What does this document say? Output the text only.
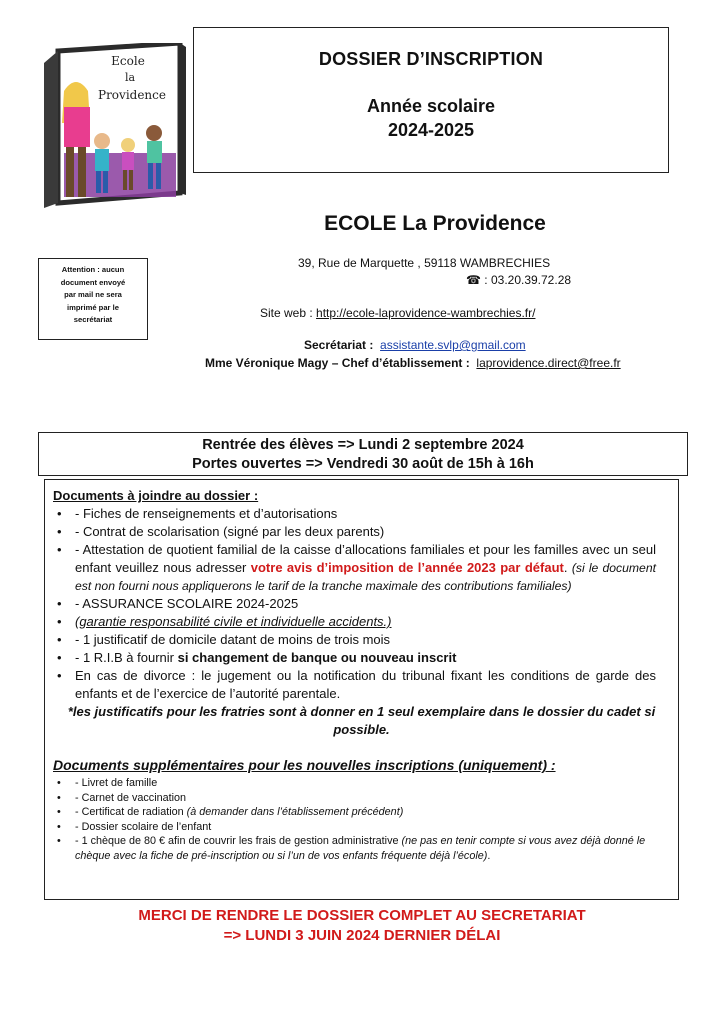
Ecole
la
Providence
DOSSIER D’INSCRIPTION
Année scolaire
2024-2025
Attention : aucun
document envoyé
par mail ne sera
imprimé par le
secrétariat
ECOLE La Providence
39, Rue de Marquette , 59118 WAMBRECHIES
☎ : 03.20.39.72.28
Site web : http://ecole-laprovidence-wambrechies.fr/
Secrétariat : assistante.svlp@gmail.com
Mme Véronique Magy – Chef d’établissement : laprovidence.direct@free.fr
Rentrée des élèves => Lundi 2 septembre 2024
Portes ouvertes => Vendredi 30 août de 15h à 16h
Documents à joindre au dossier :
• - Fiches de renseignements et d’autorisations
• - Contrat de scolarisation (signé par les deux parents)
• - Attestation de quotient familial de la caisse d’allocations familiales et pour les familles avec un seul enfant veuillez nous adresser votre avis d’imposition de l’année 2023 par défaut. (si le document est non fourni nous appliquerons le tarif de la tranche maximale des contributions familiales)
• - ASSURANCE SCOLAIRE 2024-2025
• (garantie responsabilité civile et individuelle accidents.)
• - 1 justificatif de domicile datant de moins de trois mois
• - 1 R.I.B à fournir si changement de banque ou nouveau inscrit
• En cas de divorce : le jugement ou la notification du tribunal fixant les conditions de garde des enfants et de l’exercice de l’autorité parentale.
*les justificatifs pour les fratries sont à donner en 1 seul exemplaire dans le dossier du cadet si possible.
Documents supplémentaires pour les nouvelles inscriptions (uniquement) :
• - Livret de famille
• - Carnet de vaccination
• - Certificat de radiation (à demander dans l’établissement précédent)
• - Dossier scolaire de l’enfant
• - 1 chèque de 80 € afin de couvrir les frais de gestion administrative (ne pas en tenir compte si vous avez déjà donné le chèque avec la fiche de pré-inscription ou si l’un de vos enfants fréquente déjà l’école).
MERCI DE RENDRE LE DOSSIER COMPLET AU SECRETARIAT
=> LUNDI 3 JUIN 2024 DERNIER DÉLAI
